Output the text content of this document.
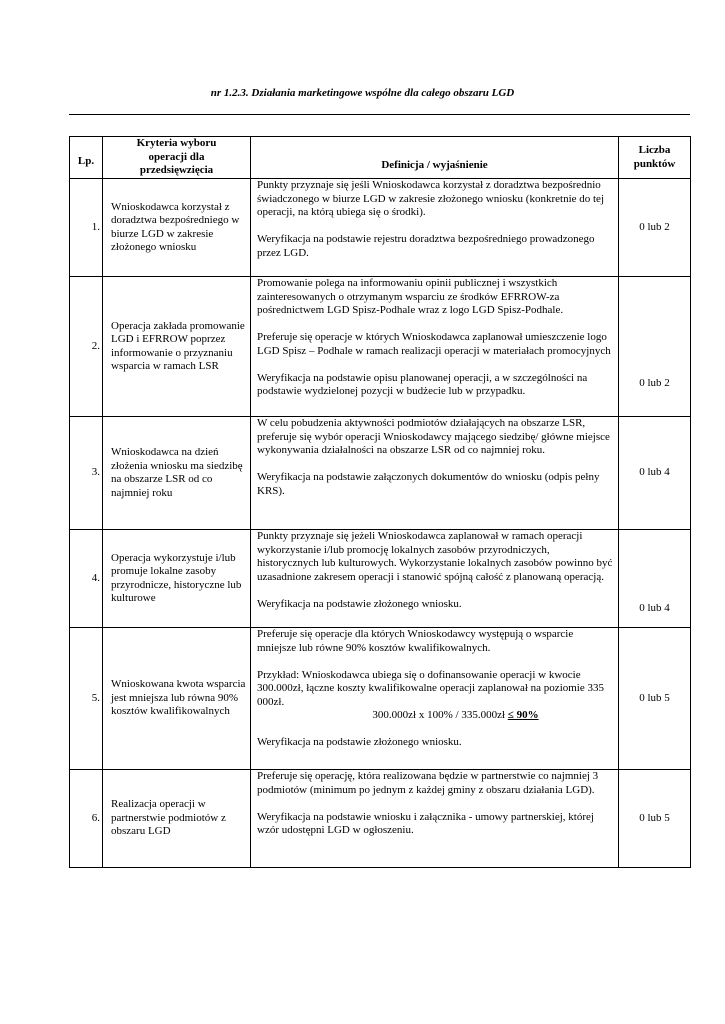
nr 1.2.3. Działania marketingowe wspólne dla całego obszaru LGD
Lp.	Kryteria wyboru operacji dla przedsięwzięcia	Definicja / wyjaśnienie	Liczba punktów
1.	Wnioskodawca korzystał z doradztwa bezpośredniego w biurze LGD w zakresie złożonego wniosku	Punkty przyznaje się jeśli Wnioskodawca korzystał z doradztwa bezpośrednio świadczonego w biurze LGD w zakresie złożonego wniosku (konkretnie do tej operacji, na którą ubiega się o środki).

Weryfikacja na podstawie rejestru doradztwa bezpośredniego prowadzonego przez LGD.	0 lub 2
2.	Operacja zakłada promowanie LGD i EFRROW poprzez informowanie o przyznaniu wsparcia w ramach LSR	Promowanie polega na informowaniu opinii publicznej i wszystkich zainteresowanych o otrzymanym wsparciu ze środków EFRROW-za pośrednictwem LGD Spisz-Podhale wraz z logo LGD Spisz-Podhale.

Preferuje się operacje w których Wnioskodawca zaplanował umieszczenie logo LGD Spisz – Podhale w ramach realizacji operacji w materiałach promocyjnych

Weryfikacja na podstawie opisu planowanej operacji, a w szczególności na podstawie wydzielonej pozycji w budżecie lub w przypadku.	0 lub 2
3.	Wnioskodawca na dzień złożenia wniosku ma siedzibę na obszarze LSR od co najmniej roku	W celu pobudzenia aktywności podmiotów działających na obszarze LSR, preferuje się wybór operacji Wnioskodawcy mającego siedzibę/ główne miejsce wykonywania działalności na obszarze LSR od co najmniej roku.

Weryfikacja na podstawie załączonych dokumentów do wniosku (odpis pełny KRS).	0 lub 4
4.	Operacja wykorzystuje i/lub promuje lokalne zasoby przyrodnicze, historyczne lub kulturowe	Punkty przyznaje się jeżeli Wnioskodawca zaplanował w ramach operacji wykorzystanie i/lub promocję lokalnych zasobów przyrodniczych, historycznych lub kulturowych. Wykorzystanie lokalnych zasobów powinno być uzasadnione zakresem operacji i stanowić spójną całość z planowaną operacją.

Weryfikacja na podstawie złożonego wniosku.	0 lub 4
5.	Wnioskowana kwota wsparcia jest mniejsza lub równa 90% kosztów kwalifikowalnych	Preferuje się operacje dla których Wnioskodawcy występują o wsparcie mniejsze lub równe 90% kosztów kwalifikowalnych.

Przykład: Wnioskodawca ubiega się o dofinansowanie operacji w kwocie 300.000zł, łączne koszty kwalifikowalne operacji zaplanował na poziomie 335 000zł.

300.000zł x 100% / 335.000zł ≤ 90%

Weryfikacja na podstawie złożonego wniosku.	0 lub 5
6.	Realizacja operacji w partnerstwie podmiotów z obszaru LGD	Preferuje się operację, która realizowana będzie w partnerstwie co najmniej 3 podmiotów (minimum po jednym z każdej gminy z obszaru działania LGD).

Weryfikacja na podstawie wniosku i załącznika - umowy partnerskiej, której wzór udostępni LGD w ogłoszeniu.	0 lub 5
